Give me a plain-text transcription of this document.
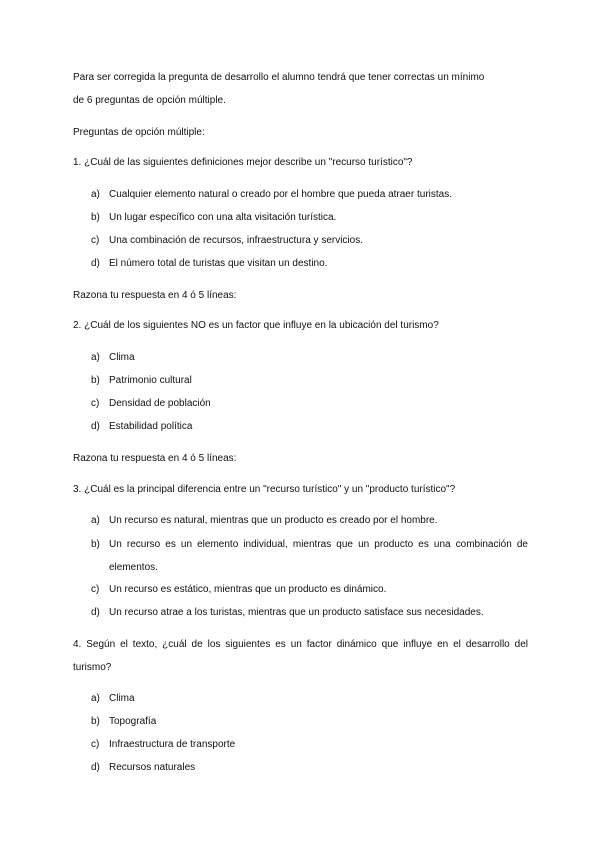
Para ser corregida la pregunta de desarrollo el alumno tendrá que tener correctas un mínimo
de 6 preguntas de opción múltiple.
Preguntas de opción múltiple:
1. ¿Cuál de las siguientes definiciones mejor describe un "recurso turístico"?
a) Cualquier elemento natural o creado por el hombre que pueda atraer turistas.
b) Un lugar específico con una alta visitación turística.
c) Una combinación de recursos, infraestructura y servicios.
d) El número total de turistas que visitan un destino.
Razona tu respuesta en 4 ó 5 líneas:
2. ¿Cuál de los siguientes NO es un factor que influye en la ubicación del turismo?
a) Clima
b) Patrimonio cultural
c) Densidad de población
d) Estabilidad política
Razona tu respuesta en 4 ó 5 líneas:
3. ¿Cuál es la principal diferencia entre un "recurso turístico" y un "producto turístico"?
a) Un recurso es natural, mientras que un producto es creado por el hombre.
b) Un recurso es un elemento individual, mientras que un producto es una combinación de elementos.
c) Un recurso es estático, mientras que un producto es dinámico.
d) Un recurso atrae a los turistas, mientras que un producto satisface sus necesidades.
4. Según el texto, ¿cuál de los siguientes es un factor dinámico que influye en el desarrollo del turismo?
a) Clima
b) Topografía
c) Infraestructura de transporte
d) Recursos naturales
